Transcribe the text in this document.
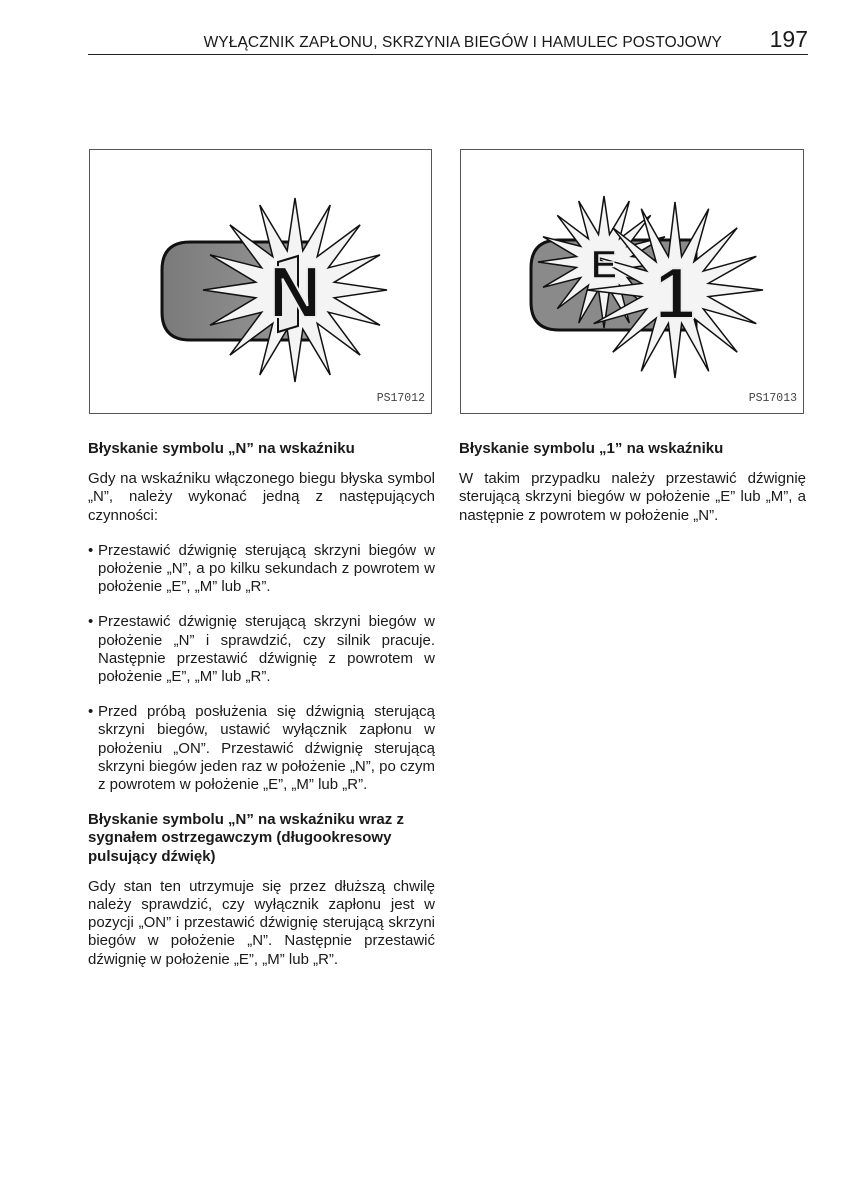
WYŁĄCZNIK ZAPŁONU, SKRZYNIA BIEGÓW I HAMULEC POSTOJOWY 197
N
PS17012
E 1
PS17013

Błyskanie symbolu „N” na wskaźniku

Gdy na wskaźniku włączonego biegu błyska symbol „N”, należy wykonać jedną z następujących czynności:

• Przestawić dźwignię sterującą skrzyni biegów w położenie „N”, a po kilku sekundach z powrotem w położenie „E”, „M” lub „R”.
• Przestawić dźwignię sterującą skrzyni biegów w położenie „N” i sprawdzić, czy silnik pracuje. Następnie przestawić dźwignię z powrotem w położenie „E”, „M” lub „R”.
• Przed próbą posłużenia się dźwignią sterującą skrzyni biegów, ustawić wyłącznik zapłonu w położeniu „ON”. Przestawić dźwignię sterującą skrzyni biegów jeden raz w położenie „N”, po czym z powrotem w położenie „E”, „M” lub „R”.

Błyskanie symbolu „N” na wskaźniku wraz z sygnałem ostrzegawczym (długookresowy pulsujący dźwięk)

Gdy stan ten utrzymuje się przez dłuższą chwilę należy sprawdzić, czy wyłącznik zapłonu jest w pozycji „ON” i przestawić dźwignię sterującą skrzyni biegów w położenie „N”. Następnie przestawić dźwignię w położenie „E”, „M” lub „R”.

Błyskanie symbolu „1” na wskaźniku

W takim przypadku należy przestawić dźwignię sterującą skrzyni biegów w położenie „E” lub „M”, a następnie z powrotem w położenie „N”.
